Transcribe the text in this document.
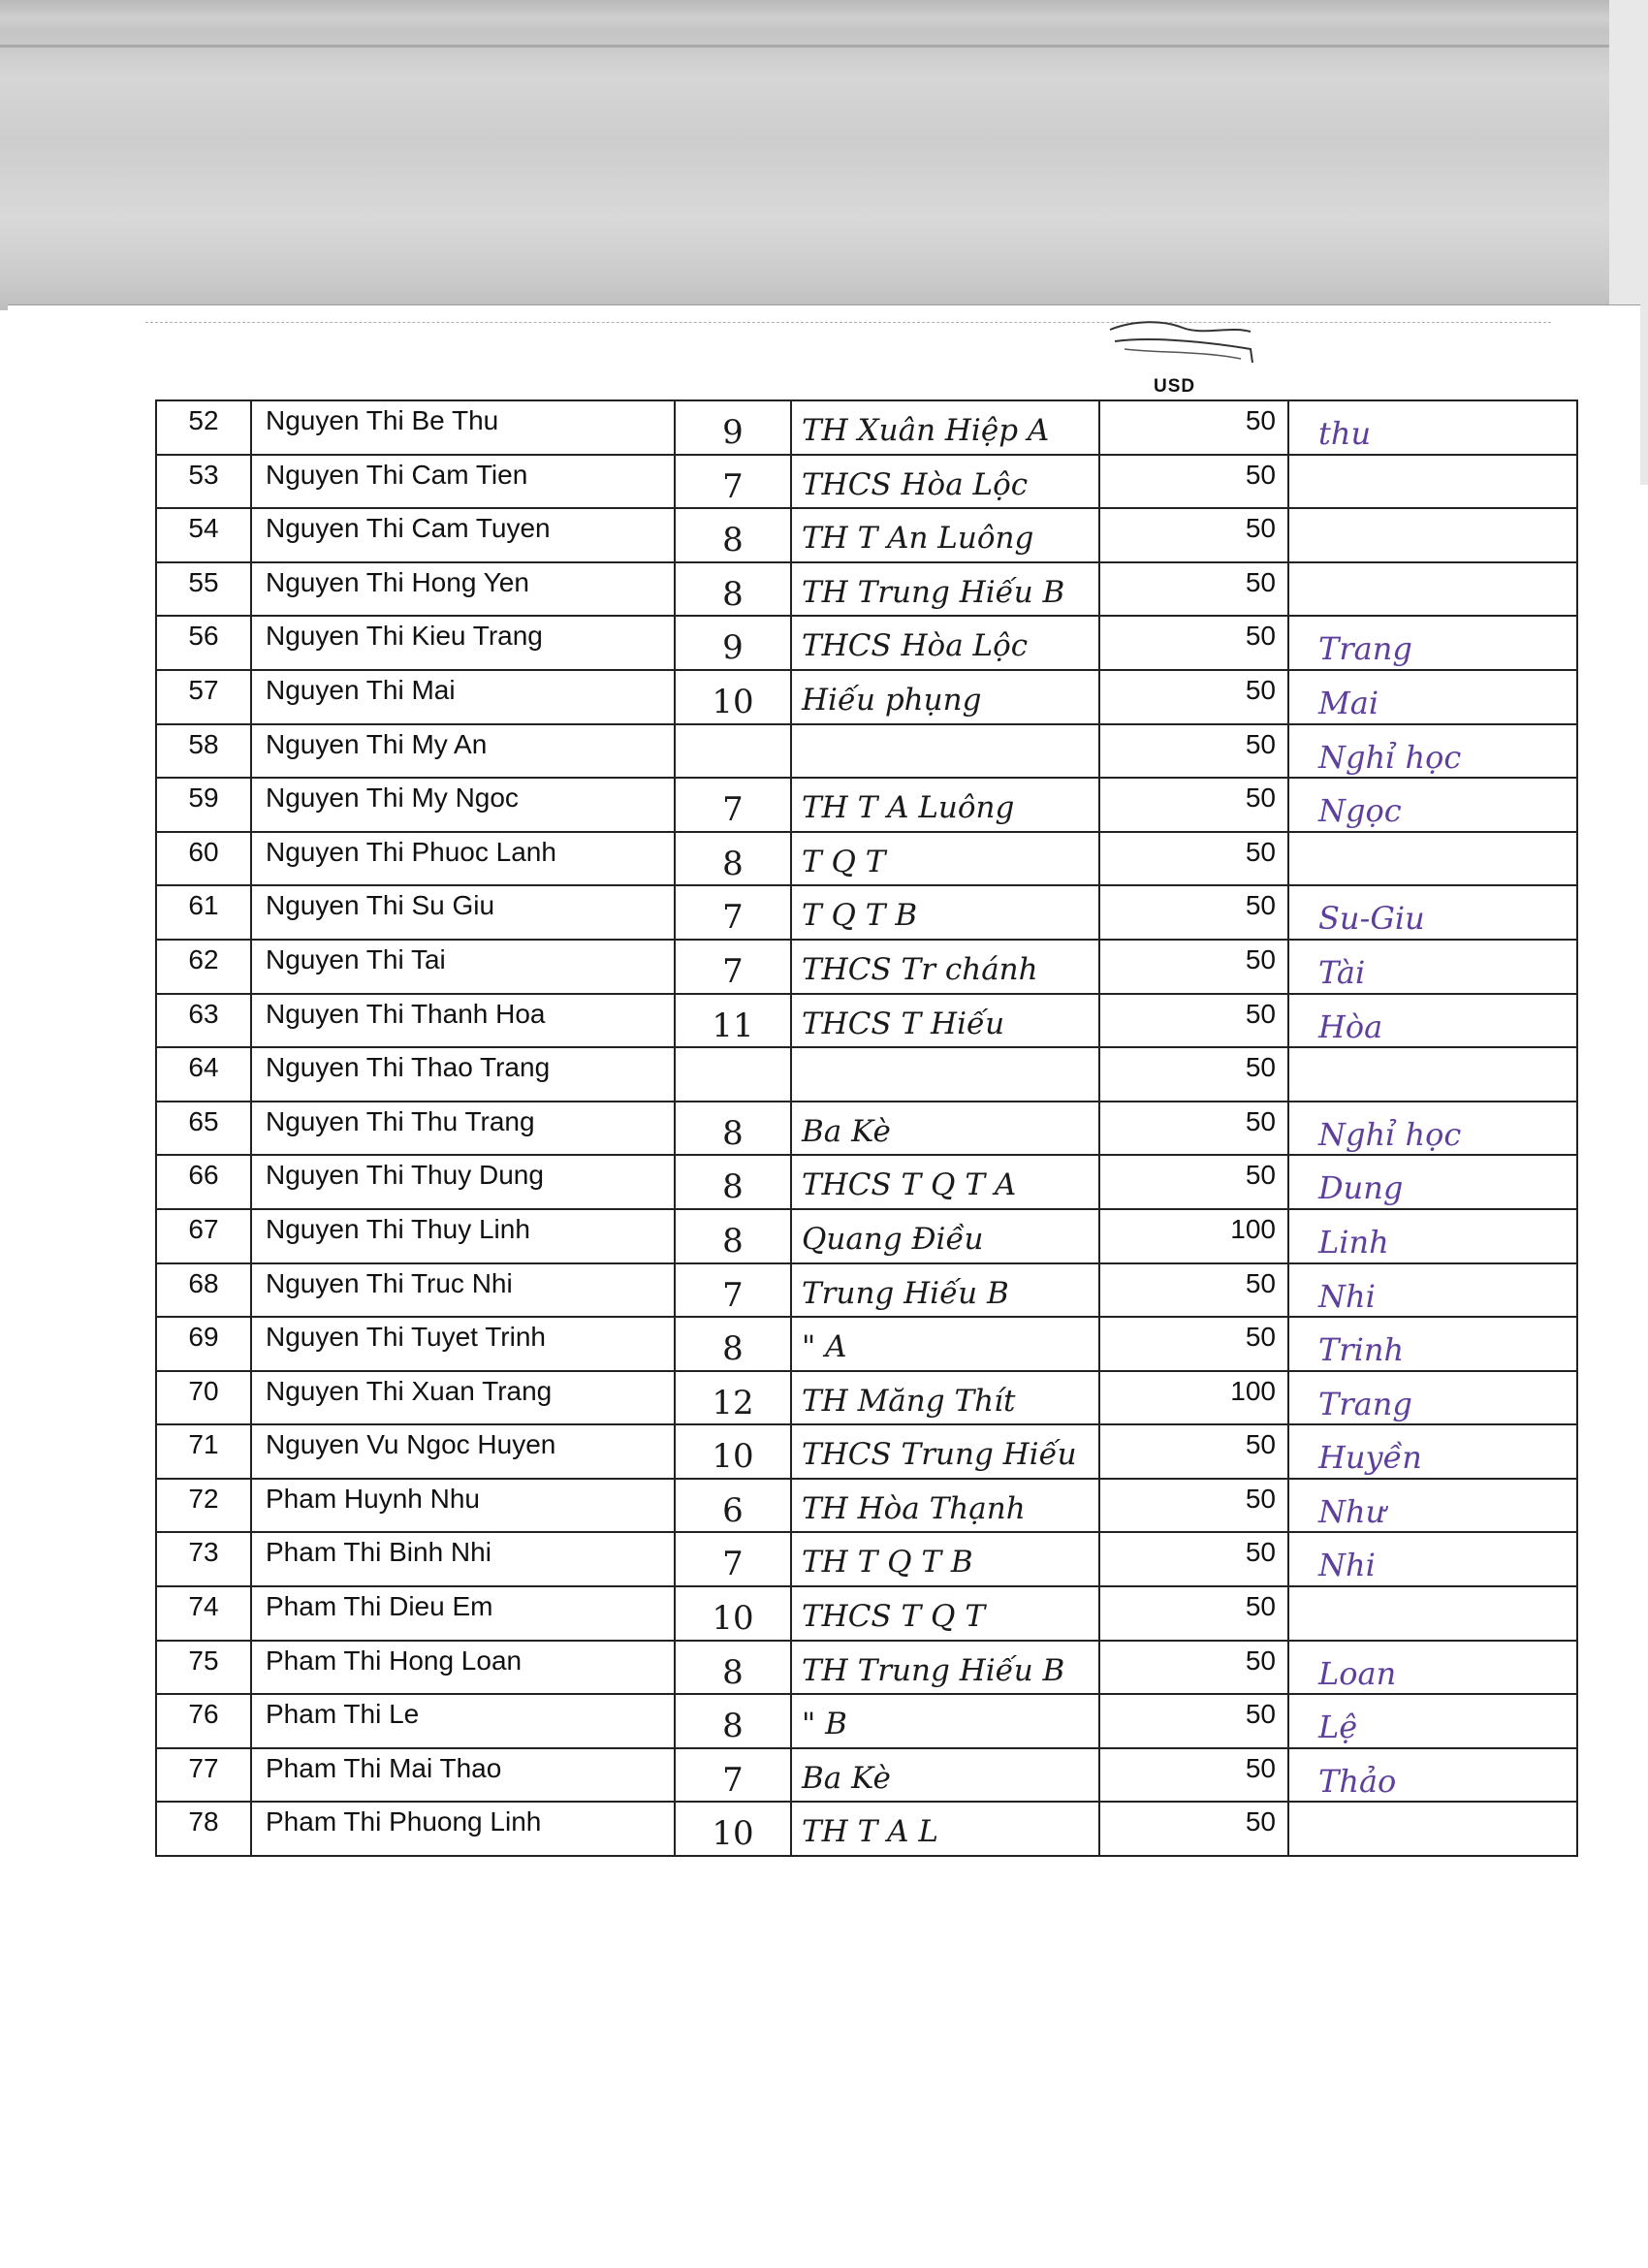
USD
52	Nguyen Thi Be Thu	9	TH Xuân Hiệp A	50	thu
53	Nguyen Thi Cam Tien	7	THCS Hòa Lộc	50	
54	Nguyen Thi Cam Tuyen	8	TH T An Luông	50	
55	Nguyen Thi Hong Yen	8	TH Trung Hiếu B	50	
56	Nguyen Thi Kieu Trang	9	THCS Hòa Lộc	50	Trang
57	Nguyen Thi Mai	10	Hiếu phụng	50	Mai
58	Nguyen Thi My An			50	Nghỉ học
59	Nguyen Thi My Ngoc	7	TH T A Luông	50	Ngọc
60	Nguyen Thi Phuoc Lanh	8	T Q T	50	
61	Nguyen Thi Su Giu	7	T Q T B	50	Su-Giu
62	Nguyen Thi Tai	7	THCS Tr chánh	50	Tài
63	Nguyen Thi Thanh Hoa	11	THCS T Hiếu	50	Hòa
64	Nguyen Thi Thao Trang			50	
65	Nguyen Thi Thu Trang	8	Ba Kè	50	Nghỉ học
66	Nguyen Thi Thuy Dung	8	THCS T Q T A	50	Dung
67	Nguyen Thi Thuy Linh	8	Quang Điều	100	Linh
68	Nguyen Thi Truc Nhi	7	Trung Hiếu B	50	Nhi
69	Nguyen Thi Tuyet Trinh	8	" A	50	Trinh
70	Nguyen Thi Xuan Trang	12	TH Măng Thít	100	Trang
71	Nguyen Vu Ngoc Huyen	10	THCS Trung Hiếu	50	Huyền
72	Pham Huynh Nhu	6	TH Hòa Thạnh	50	Như
73	Pham Thi Binh Nhi	7	TH T Q T B	50	Nhi
74	Pham Thi Dieu Em	10	THCS T Q T	50	
75	Pham Thi Hong Loan	8	TH Trung Hiếu B	50	Loan
76	Pham Thi Le	8	" B	50	Lệ
77	Pham Thi Mai Thao	7	Ba Kè	50	Thảo
78	Pham Thi Phuong Linh	10	TH T A L	50	
